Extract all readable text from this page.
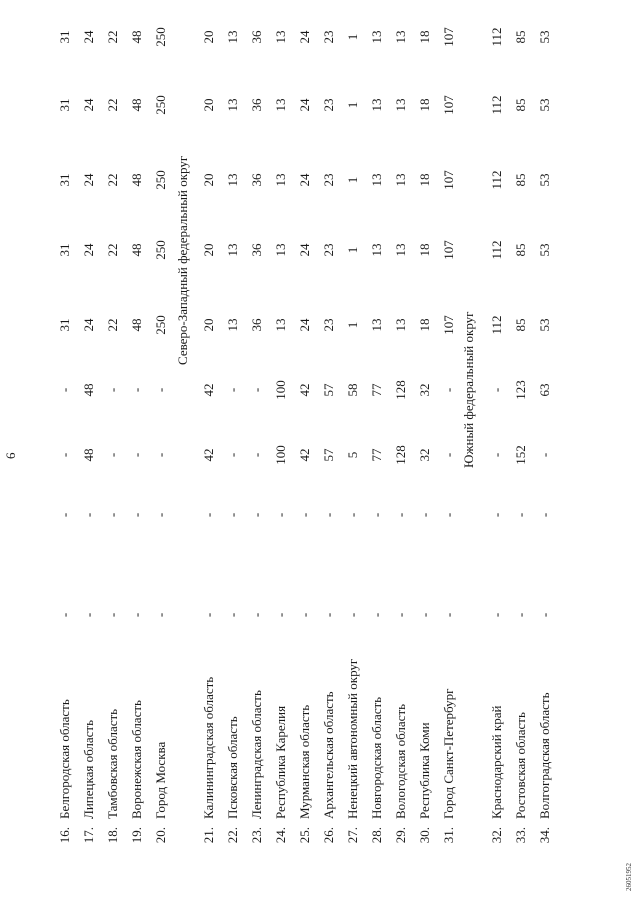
6
Северо-Западный федеральный округ
Южный федеральный округ
16.
Белгородская область
-
-
-
-
31
31
31
31
31
17.
Липецкая область
-
-
48
48
24
24
24
24
24
18.
Тамбовская область
-
-
-
-
22
22
22
22
22
19.
Воронежская область
-
-
-
-
48
48
48
48
48
20.
Город Москва
-
-
-
-
250
250
250
250
250
21.
Калининградская область
-
-
42
42
20
20
20
20
20
22.
Псковская область
-
-
-
-
13
13
13
13
13
23.
Ленинградская область
-
-
-
-
36
36
36
36
36
24.
Республика Карелия
-
-
100
100
13
13
13
13
13
25.
Мурманская область
-
-
42
42
24
24
24
24
24
26.
Архангельская область
-
-
57
57
23
23
23
23
23
27.
Ненецкий автономный округ
-
-
5
58
1
1
1
1
1
28.
Новгородская область
-
-
77
77
13
13
13
13
13
29.
Вологодская область
-
-
128
128
13
13
13
13
13
30.
Республика Коми
-
-
32
32
18
18
18
18
18
31.
Город Санкт-Петербург
-
-
-
-
107
107
107
107
107
32.
Краснодарский край
-
-
-
-
112
112
112
112
112
33.
Ростовская область
-
-
152
123
85
85
85
85
85
34.
Волгоградская область
-
-
-
63
53
53
53
53
53
26051952
